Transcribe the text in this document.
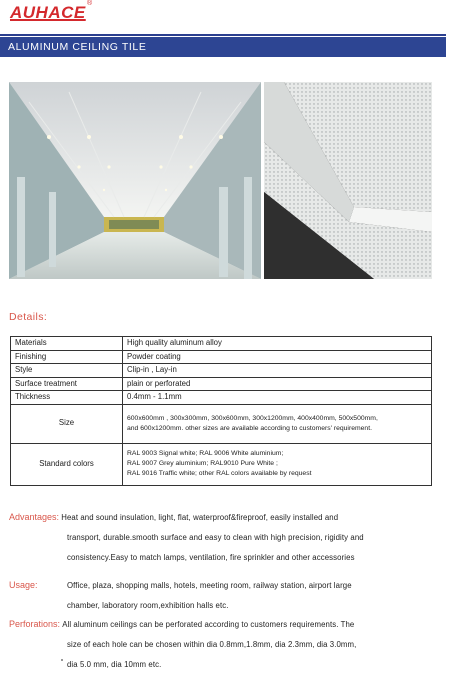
AUHACE ®
ALUMINUM CEILING TILE
Details:
Materials	High quality aluminum alloy
Finishing	Powder coating
Style	Clip-in , Lay-in
Surface treatment	plain or perforated
Thickness	0.4mm - 1.1mm
Size	600x600mm , 300x300mm, 300x600mm, 300x1200mm, 400x400mm, 500x500mm,
and 600x1200mm. other sizes are available according to customers' requirement.

Standard colors	RAL 9003 Signal white; RAL 9006 White aluminium;
RAL 9007 Grey aluminium; RAL9010 Pure White ;
RAL 9016 Traffic white; other RAL colors available by request
Advantages: Heat and sound insulation, light, flat, waterproof&fireproof, easily installed and
transport, durable.smooth surface and easy to clean with high precision, rigidity and
consistency.Easy to match lamps, ventilation, fire sprinkler and other accessories
Usage:	Office, plaza, shopping malls, hotels, meeting room, railway station, airport large
chamber, laboratory room,exhibition halls etc.
Perforations: All aluminum ceilings can be perforated according to customers requirements. The
size of each hole can be chosen within dia 0.8mm,1.8mm, dia 2.3mm, dia 3.0mm,
dia 5.0 mm, dia 10mm etc.
